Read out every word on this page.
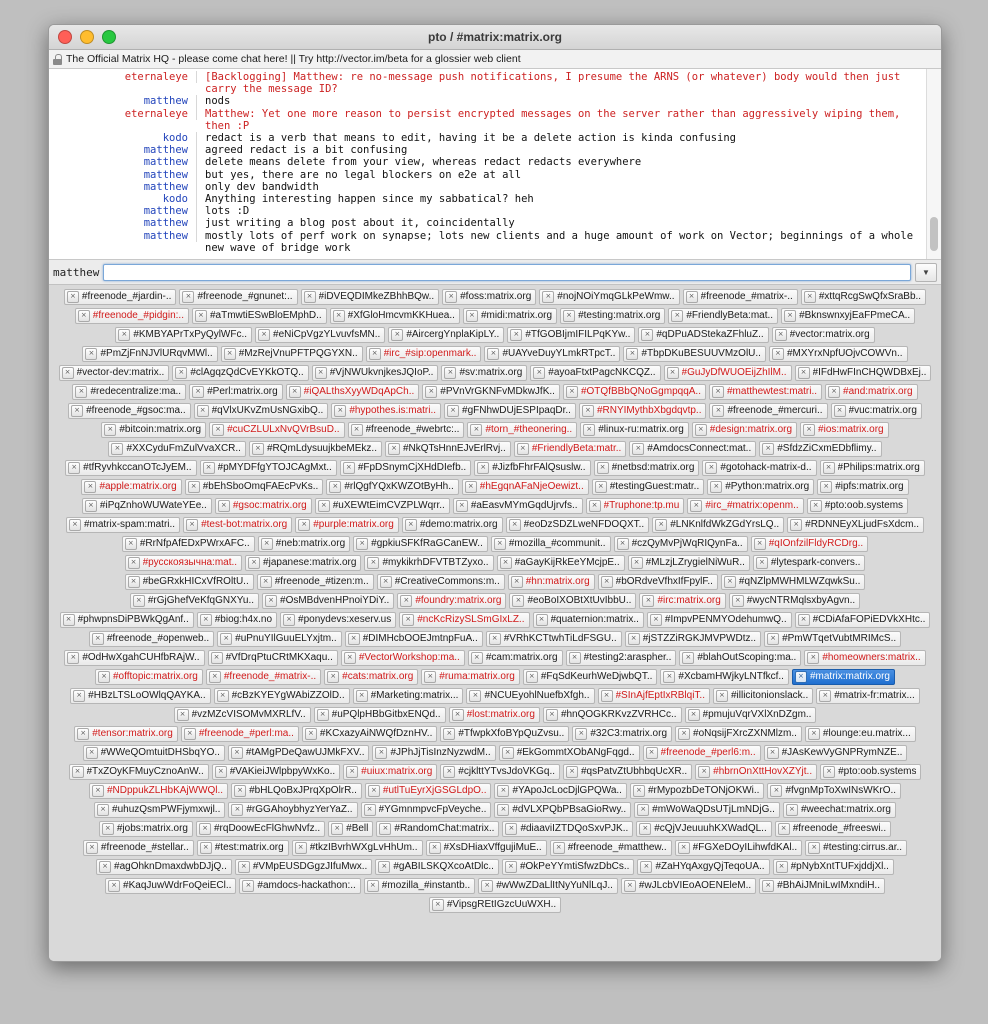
pto / #matrix:matrix.org
The Official Matrix HQ - please come chat here! || Try http://vector.im/beta for a glossier web client
eternaleye	[Backlogging] Matthew: re no-message push notifications, I presume the ARNS (or whatever) body would then just carry the message ID?
matthew	nods
eternaleye	Matthew: Yet one more reason to persist encrypted messages on the server rather than aggressively wiping them, then :P
kodo	redact is a verb that means to edit, having it be a delete action is kinda confusing
matthew	agreed redact is a bit confusing
matthew	delete means delete from your view, whereas redact redacts everywhere
matthew	but yes, there are no legal blockers on e2e at all
matthew	only dev bandwidth
kodo	Anything interesting happen since my sabbatical? heh
matthew	lots :D
matthew	just writing a blog post about it, coincidentally
matthew	mostly lots of perf work on synapse; lots new clients and a huge amount of work on Vector; beginnings of a whole new wave of bridge work
matthew	▼
× #freenode_#jardin-..	× #freenode_#gnunet:..	× #iDVEQDIMkeZBhhBQw..	× #foss:matrix.org	× #nojNOiYmqGLkPeWmw..	× #freenode_#matrix-..	× #xttqRcgSwQfxSraBb..
× #freenode_#pidgin:..	× #aTmwtiESwBloEMphD..	× #XfGloHmcvmKKHuea..	× #midi:matrix.org	× #testing:matrix.org	× #FriendlyBeta:mat..	× #BknswnxyjEaFPmeCA..
× #KMBYAPrTxPyQylWFc..	× #eNiCpVgzYLvuvfsMN..	× #AircergYnplaKipLY..	× #TfGOBIjmIFILPqKYw..	× #qDPuADStekaZFhluZ..	× #vector:matrix.org
× #PmZjFnNJVlURqvMWl..	× #MzRejVnuPFTPQGYXN..	× #irc_#sip:openmark..	× #UAYveDuyYLmkRTpcT..	× #TbpDKuBESUUVMzOlU..	× #MXYrxNpfUOjvCOWVn..
× #vector-dev:matrix..	× #clAgqzQdCvEYKkOTQ..	× #VjNWUkvnjkesJQIoP..	× #sv:matrix.org	× #ayoaFtxtPagcNKCQZ..	× #GuJyDfWUOEijZhIlM..	× #IFdHwFInCHQWDBxEj..
× #redecentralize:ma..	× #Perl:matrix.org	× #iQALthsXyyWDqApCh..	× #PVnVrGKNFvMDkwJfK..	× #OTQfBBbQNoGgmpqqA..	× #matthewtest:matri..	× #and:matrix.org
× #freenode_#gsoc:ma..	× #qVlxUKvZmUsNGxibQ..	× #hypothes.is:matri..	× #gFNhwDUjESPIpaqDr..	× #RNYIMythbXbgdqvtp..	× #freenode_#mercuri..	× #vuc:matrix.org
× #bitcoin:matrix.org	× #cuCZLULxNvQVrBsuD..	× #freenode_#webrtc:..	× #torn_#theonering..	× #linux-ru:matrix.org	× #design:matrix.org	× #ios:matrix.org
× #XXCyduFmZulVvaXCR..	× #RQmLdysuujkbeMEkz..	× #NkQTsHnnEJvErlRvj..	× #FriendlyBeta:matr..	× #AmdocsConnect:mat..	× #SfdzZiCxmEDbflimy..
× #tfRyvhkccanOTcJyEM..	× #pMYDFfgYTOJCAgMxt..	× #FpDSnymCjXHdDIefb..	× #JizfbFhrFAlQsuslw..	× #netbsd:matrix.org	× #gotohack-matrix-d..	× #Philips:matrix.org
× #apple:matrix.org	× #bEhSboOmqFAEcPvKs..	× #rlQgfYQxKWZOtByHh..	× #hEgqnAFaNjeOewizt..	× #testingGuest:matr..	× #Python:matrix.org	× #ipfs:matrix.org
× #iPqZnhoWUWateYEe..	× #gsoc:matrix.org	× #uXEWtEimCVZPLWqrr..	× #aEasvMYmGqdUjrvfs..	× #Truphone:tp.mu	× #irc_#matrix:openm..	× #pto:oob.systems
× #matrix-spam:matri..	× #test-bot:matrix.org	× #purple:matrix.org	× #demo:matrix.org	× #eoDzSDZLweNFDOQXT..	× #LNKnlfdWkZGdYrsLQ..	× #RDNNEyXLjudFsXdcm..
× #RrNfpAfEDxPWrxAFC..	× #neb:matrix.org	× #gpkiuSFKfRaGCanEW..	× #mozilla_#communit..	× #czQyMvPjWqRIQynFa..	× #qIOnfzilFldyRCDrg..
× #русскоязычна:mat..	× #japanese:matrix.org	× #mykikrhDFVTBTZyxo..	× #aGayKijRkEeYMcjpE..	× #MLzjLZrygielNiWuR..	× #lytespark-convers..
× #beGRxkHICxVfROltU..	× #freenode_#tizen:m..	× #CreativeCommons:m..	× #hn:matrix.org	× #bORdveVfhxIfFpylF..	× #qNZlpMWHMLWZqwkSu..
× #rGjGhefVeKfqGNXYu..	× #OsMBdvenHPnoiYDiY..	× #foundry:matrix.org	× #eoBoIXOBtXtUvIbbU..	× #irc:matrix.org	× #wycNTRMqlsxbyAgvn..
× #phwpnsDiPBWkQgAnf..	× #biog:h4x.no	× #ponydevs:xeserv.us	× #ncKcRizySLSmGIxLZ..	× #quaternion:matrix..	× #ImpvPENMYOdehumwQ..	× #CDiAfaFOPiEDVkXHtc..
× #freenode_#openweb..	× #uPnuYIlGuuELYxjtm..	× #DIMHcbOOEJmtnpFuA..	× #VRhKCTtwhTiLdFSGU..	× #jSTZZiRGKJMVPWDtz..	× #PmWTqetVubtMRIMcS..
× #OdHwXgahCUHfbRAjW..	× #VfDrqPtuCRtMKXaqu..	× #VectorWorkshop:ma..	× #cam:matrix.org	× #testing2:araspher..	× #blahOutScoping:ma..	× #homeowners:matrix..
× #offtopic:matrix.org	× #freenode_#matrix-..	× #cats:matrix.org	× #ruma:matrix.org	× #FqSdKeurhWeDjwbQT..	× #XcbamHWjkyLNTfkcf..	× #matrix:matrix.org
× #HBzLTSLoOWlqQAYKA..	× #cBzKYEYgWAbiZZOlD..	× #Marketing:matrix...	× #NCUEyohlNuefbXfgh..	× #SInAjfEptIxRBlqiT..	× #illicitonionslack..	× #matrix-fr:matrix...
× #vzMZcVISOMvMXRLfV..	× #uPQlpHBbGitbxENQd..	× #lost:matrix.org	× #hnQOGKRKvzZVRHCc..	× #pmujuVqrVXlXnDZgm..
× #tensor:matrix.org	× #freenode_#perl:ma..	× #KCxazyAiNWQfDznHV..	× #TfwpkXfoBYpQuZvsu..	× #32C3:matrix.org	× #oNqsijFXrcZXNMlzm..	× #lounge:eu.matrix...
× #WWeQOmtuitDHSbqYO..	× #tAMgPDeQawUJMkFXV..	× #JPhJjTisInzNyzwdM..	× #EkGommtXObANgFqgd..	× #freenode_#perl6:m..	× #JAsKewVyGNPRymNZE..
× #TxZOyKFMuyCznoAnW..	× #VAKieiJWlpbpyWxKo..	× #uiux:matrix.org	× #cjklttYTvsJdoVKGq..	× #qsPatvZtUbhbqUcXR..	× #hbrnOnXttHovXZYjt..	× #pto:oob.systems
× #NDppukZLHbKAjWWQl..	× #bHLQoBxJPrqXpOlrR..	× #utlTuEyrXjGSGLdpO..	× #YApoJcLocDjlGPQWa..	× #rMypozbDeTONjOKWi..	× #fvgnMpToXwINsWKrO..
× #uhuzQsmPWFjymxwjl..	× #rGGAhoybhyzYerYaZ..	× #YGmnmpvcFpVeyche..	× #dVLXPQbPBsaGioRwy..	× #mWoWaQDsUTjLmNDjG..	× #weechat:matrix.org
× #jobs:matrix.org	× #rqDoowEcFlGhwNvfz..	× #Bell	× #RandomChat:matrix..	× #diaaviIZTDQoSxvPJK..	× #cQjVJeuuuhKXWadQL..	× #freenode_#freeswi..
× #freenode_#stellar..	× #test:matrix.org	× #tkzIBvrhWXgLvHhUm..	× #XsDHiaxVffgujiMuE..	× #freenode_#matthew..	× #FGXeDOyILihwfdKAl..	× #testing:cirrus.ar..
× #agOhknDmaxdwbDJjQ..	× #VMpEUSDGgzJIfuMwx..	× #gABILSKQXcoAtDlc..	× #OkPeYYmtiSfwzDbCs..	× #ZaHYqAxgyQjTeqoUA..	× #pNybXntTUFxjddjXl..
× #KaqJuwWdrFoQeiECl..	× #amdocs-hackathon:..	× #mozilla_#instantb..	× #wWwZDaLlItNyYuNlLqJ..	× #wJLcbVIEoAOENEleM..	× #BhAiJMniLwIMxndiH..
× #VipsgREtIGzcUuWXH..
